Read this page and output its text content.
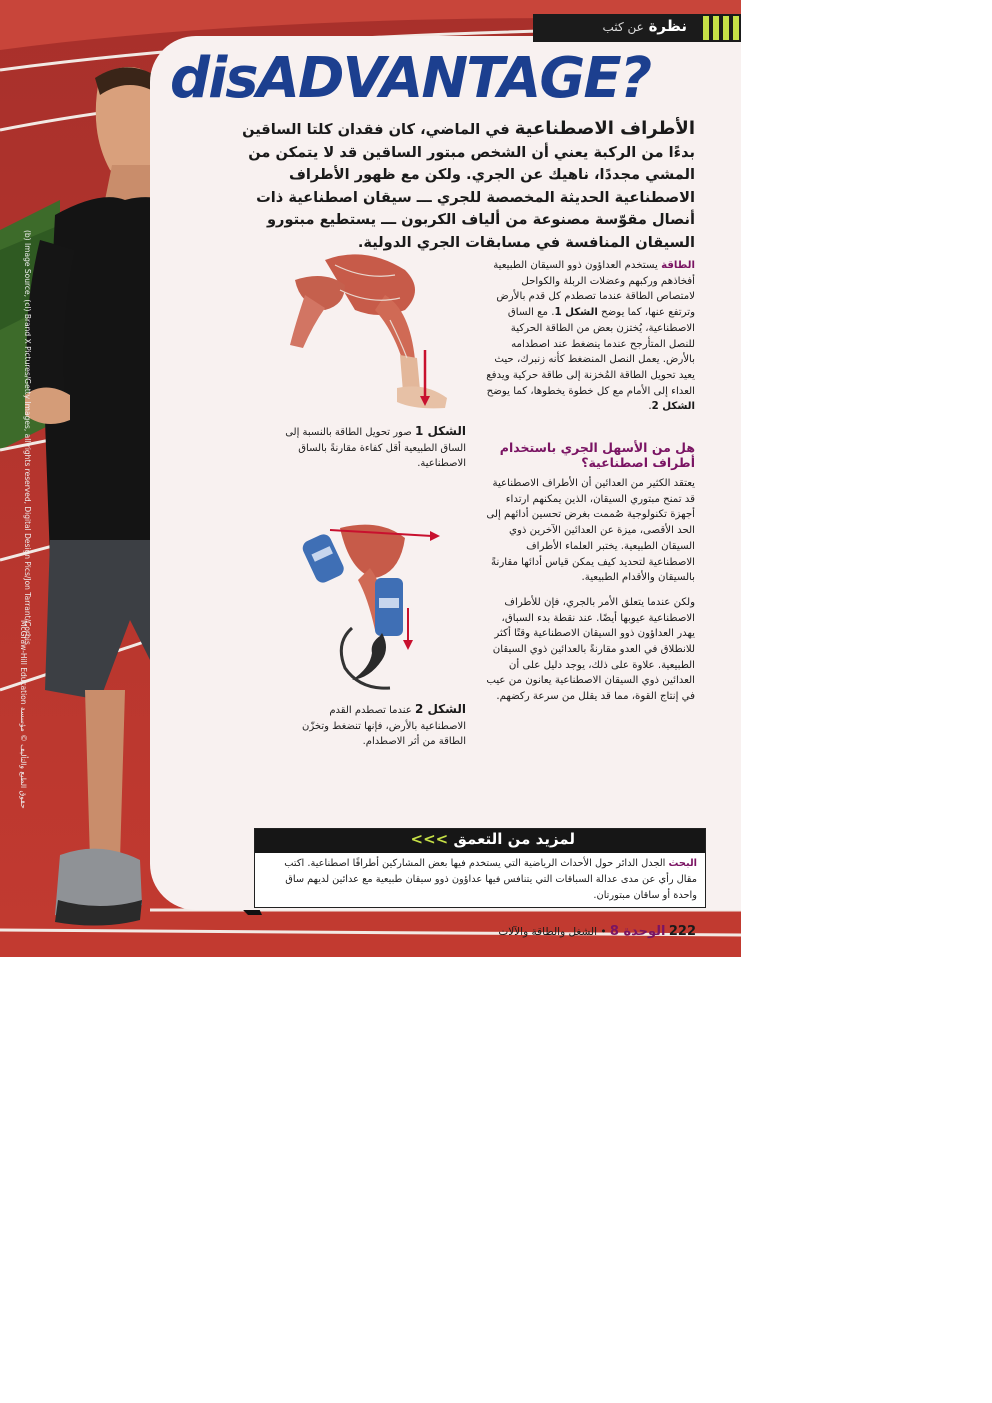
نظرة عن كثب
disADVANTAGE?
الأطراف الاصطناعية في الماضي، كان فقدان كلتا الساقين بدءًا من الركبة يعني أن الشخص مبتور الساقين قد لا يتمكن من المشي مجددًا، ناهيك عن الجري. ولكن مع ظهور الأطراف الاصطناعية الحديثة المخصصة للجري ـــ سيقان اصطناعية ذات أنصال مقوّسة مصنوعة من ألياف الكربون ـــ يستطيع مبتورو السيقان المنافسة في مسابقات الجري الدولية.

الطاقة يستخدم العداؤون ذوو السيقان الطبيعية أفخاذهم وركبهم وعضلات الربلة والكواحل لامتصاص الطاقة عندما تصطدم كل قدم بالأرض وترتفع عنها، كما يوضح الشكل 1. مع الساق الاصطناعية، يُختزن بعض من الطاقة الحركية للنصل المتأرجح عندما ينضغط عند اصطدامه بالأرض. يعمل النصل المنضغط كأنه زنبرك، حيث يعيد تحويل الطاقة المُخزنة إلى طاقة حركية ويدفع العداء إلى الأمام مع كل خطوة يخطوها، كما يوضح الشكل 2.

هل من الأسهل الجري باستخدام أطراف اصطناعية؟

يعتقد الكثير من العدائين أن الأطراف الاصطناعية قد تمنح مبتوري السيقان، الذين يمكنهم ارتداء أجهزة تكنولوجية صُممت بغرض تحسين أدائهم إلى الحد الأقصى، ميزة عن العدائين الآخرين ذوي السيقان الطبيعية. يختبر العلماء الأطراف الاصطناعية لتحديد كيف يمكن قياس أدائها مقارنةً بالسيقان والأقدام الطبيعية.

ولكن عندما يتعلق الأمر بالجري، فإن للأطراف الاصطناعية عيوبها أيضًا. عند نقطة بدء السباق، يهدر العداؤون ذوو السيقان الاصطناعية وقتًا أكثر للانطلاق في العدو مقارنةً بالعدائين ذوي السيقان الطبيعية. علاوة على ذلك، يوجد دليل على أن العدائين ذوي السيقان الاصطناعية يعانون من عيب في إنتاج القوة، مما قد يقلل من سرعة ركضهم.

الشكل 1 صور تحويل الطاقة بالنسبة إلى الساق الطبيعية أقل كفاءة مقارنةً بالساق الاصطناعية.
الشكل 2 عندما تصطدم القدم الاصطناعية بالأرض، فإنها تنضغط وتخزّن الطاقة من أثر الاصطدام.
لمزيد من التعمق >>>
البحث الجدل الدائر حول الأحداث الرياضية التي يستخدم فيها بعض المشاركين أطرافًا اصطناعية. اكتب مقال رأي عن مدى عدالة السباقات التي يتنافس فيها عداؤون ذوو سيقان طبيعية مع عدائين لديهم ساق واحدة أو ساقان مبتورتان.
222 الوحدة 8 • الشغل والطاقة والآلات
(b) Image Source, (cl) Brand X Pictures/Getty Images, all rights reserved, Digital Design Pics/Jon Tarrant/Corbis
McGraw-Hill Education حقوق الطبع والتأليف © مؤسسة
